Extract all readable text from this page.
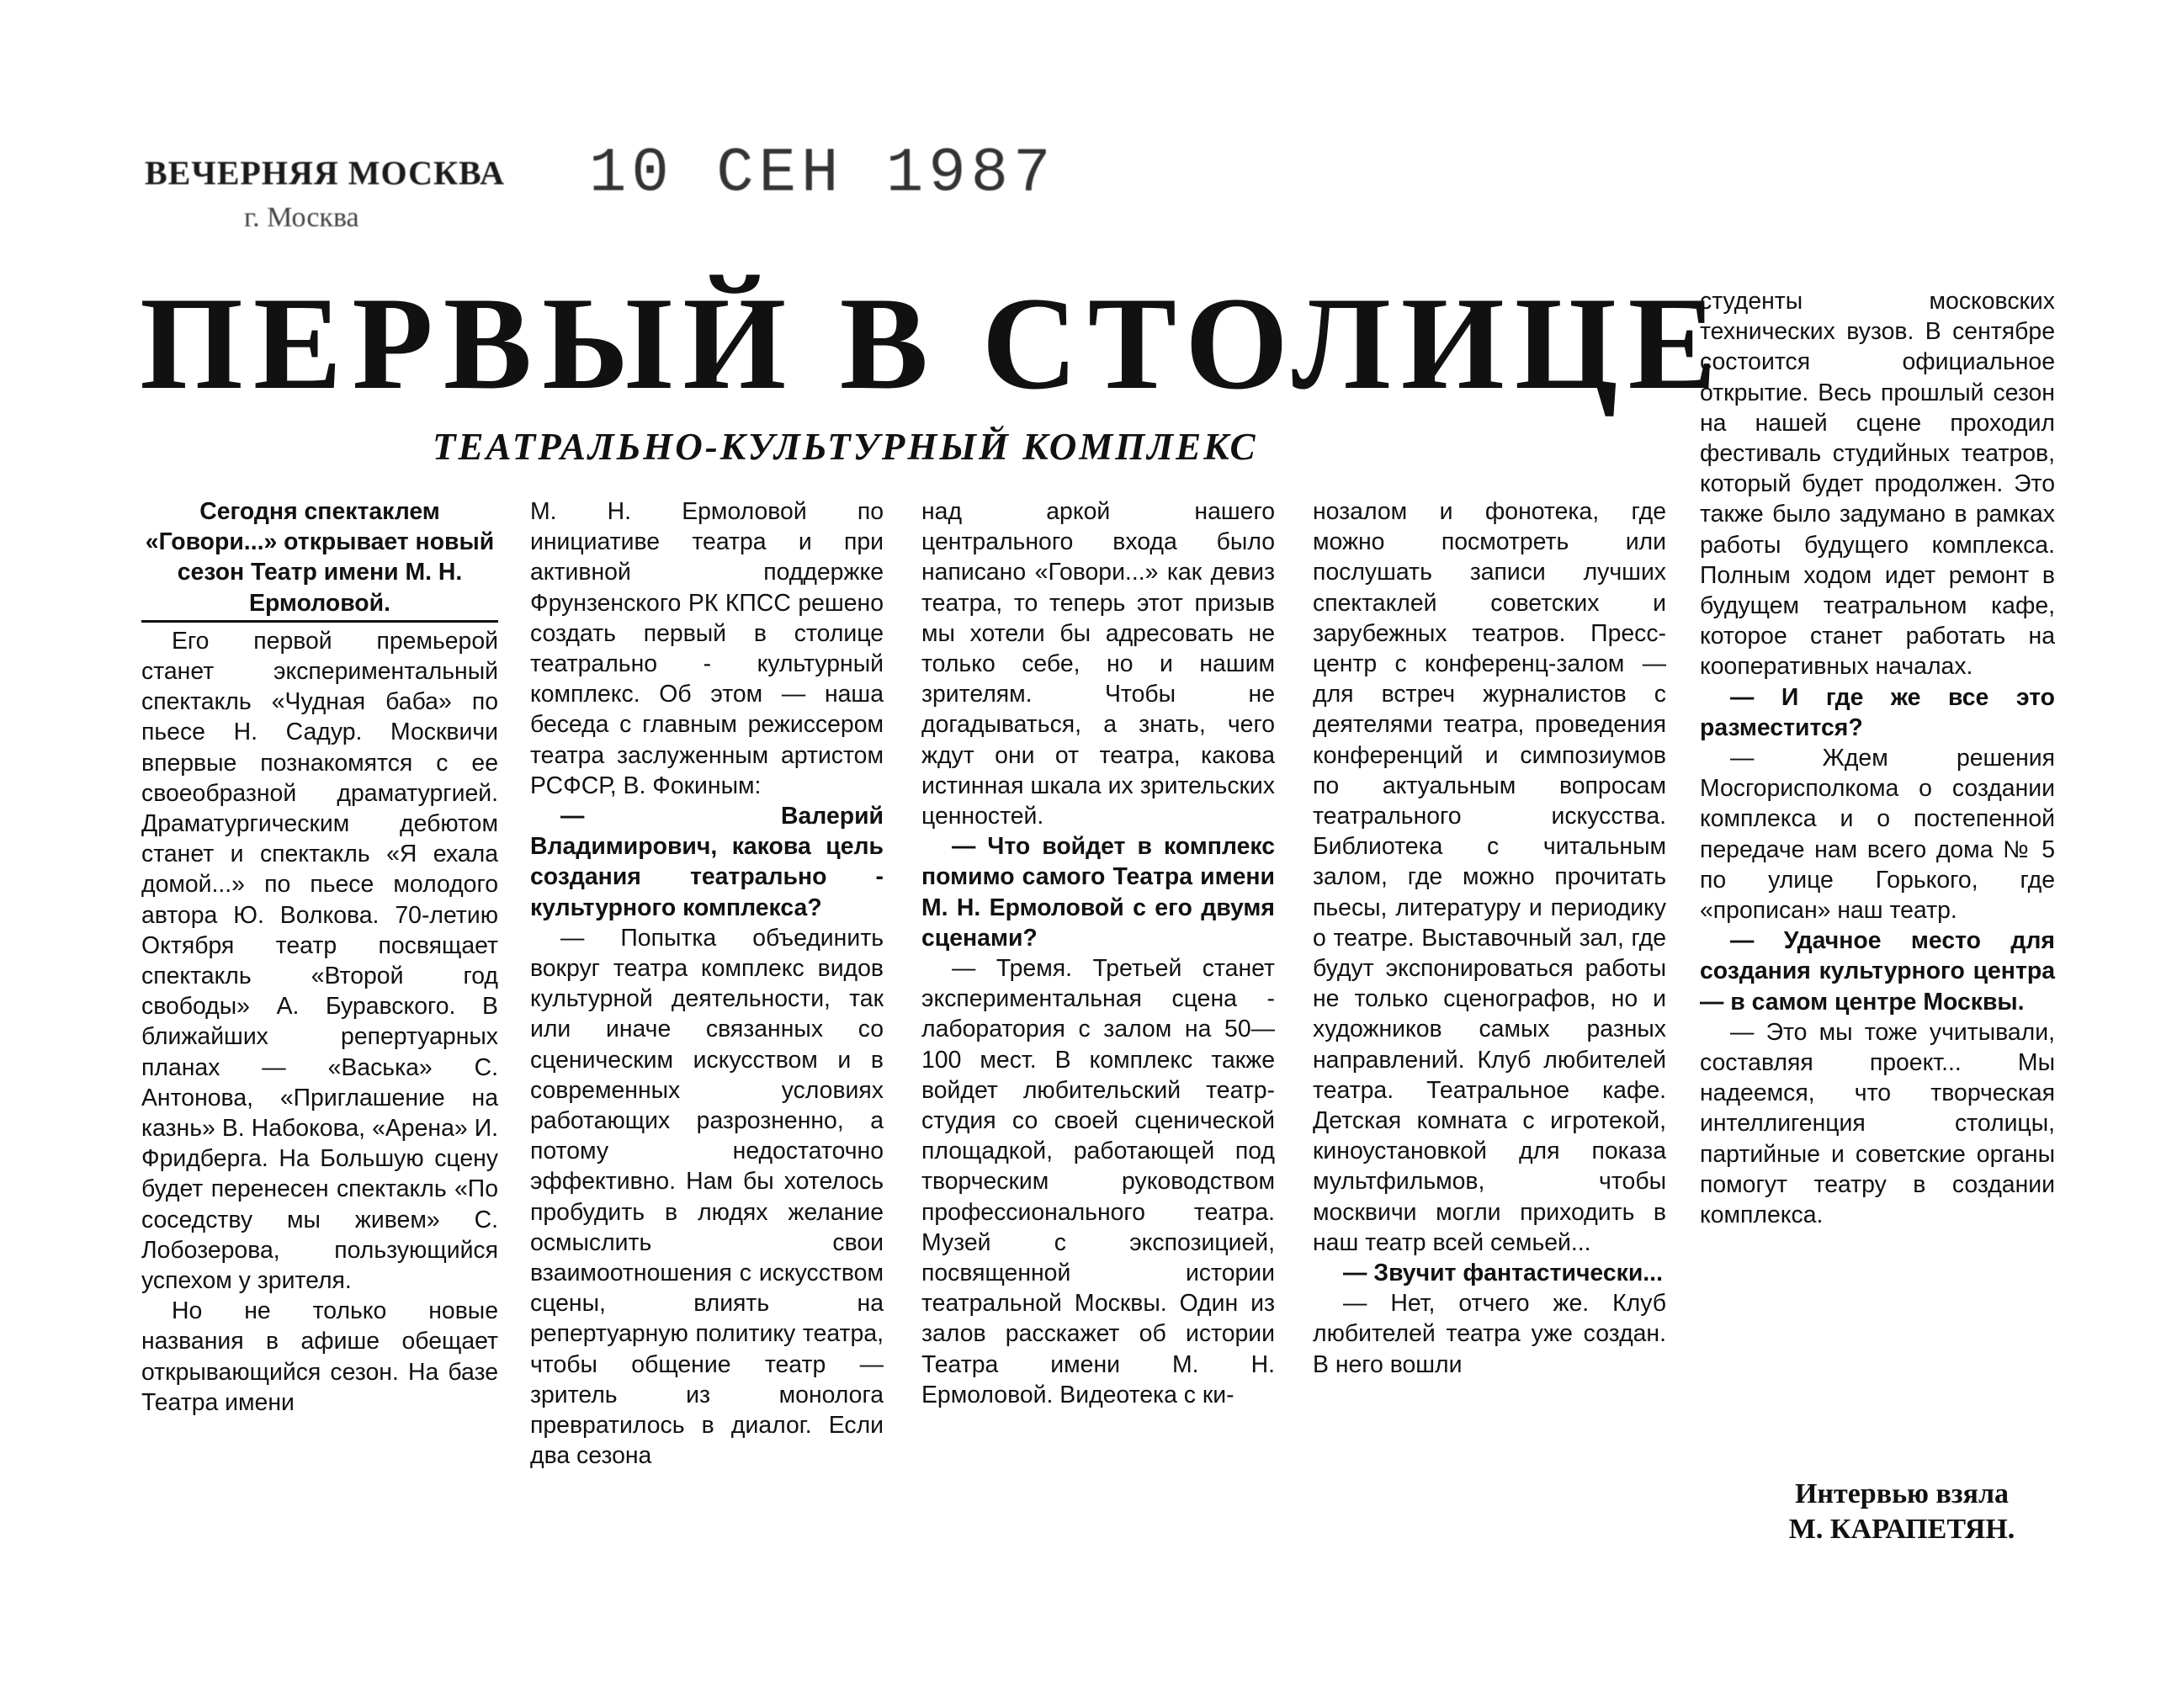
ВЕЧЕРНЯЯ МОСКВА
г. Москва
10 СЕН 1987
ПЕРВЫЙ В СТОЛИЦЕ
ТЕАТРАЛЬНО-КУЛЬТУРНЫЙ КОМПЛЕКС

Сегодня спектаклем «Говори...» открывает новый сезон Театр имени М. Н. Ермоловой.

Его первой премьерой станет экспериментальный спектакль «Чудная баба» по пьесе Н. Садур. Москвичи впервые познакомятся с ее своеобразной драматургией. Драматургическим дебютом станет и спектакль «Я ехала домой...» по пьесе молодого автора Ю. Волкова. 70-летию Октября театр посвящает спектакль «Второй год свободы» А. Буравского. В ближайших репертуарных планах — «Васька» С. Антонова, «Приглашение на казнь» В. Набокова, «Арена» И. Фридберга. На Большую сцену будет перенесен спектакль «По соседству мы живем» С. Лобозерова, пользующийся успехом у зрителя.

Но не только новые названия в афише обещает открывающийся сезон. На базе Театра имени

М. Н. Ермоловой по инициативе театра и при активной поддержке Фрунзенского РК КПСС решено создать первый в столице театрально - культурный комплекс. Об этом — наша беседа с главным режиссером театра заслуженным артистом РСФСР, В. Фокиным:

— Валерий Владимирович, какова цель создания театрально - культурного комплекса?

— Попытка объединить вокруг театра комплекс видов культурной деятельности, так или иначе связанных со сценическим искусством и в современных условиях работающих разрозненно, а потому недостаточно эффективно. Нам бы хотелось пробудить в людях желание осмыслить свои взаимоотношения с искусством сцены, влиять на репертуарную политику театра, чтобы общение театр — зритель из монолога превратилось в диалог. Если два сезона

над аркой нашего центрального входа было написано «Говори...» как девиз театра, то теперь этот призыв мы хотели бы адресовать не только себе, но и нашим зрителям. Чтобы не догадываться, а знать, чего ждут они от театра, какова истинная шкала их зрительских ценностей.

— Что войдет в комплекс помимо самого Театра имени М. Н. Ермоловой с его двумя сценами?

— Тремя. Третьей станет экспериментальная сцена - лаборатория с залом на 50—100 мест. В комплекс также войдет любительский театр-студия со своей сценической площадкой, работающей под творческим руководством профессионального театра. Музей с экспозицией, посвященной истории театральной Москвы. Один из залов расскажет об истории Театра имени М. Н. Ермоловой. Видеотека с ки-

нозалом и фонотека, где можно посмотреть или послушать записи лучших спектаклей советских и зарубежных театров. Пресс-центр с конференц-залом — для встреч журналистов с деятелями театра, проведения конференций и симпозиумов по актуальным вопросам театрального искусства. Библиотека с читальным залом, где можно прочитать пьесы, литературу и периодику о театре. Выставочный зал, где будут экспонироваться работы не только сценографов, но и художников самых разных направлений. Клуб любителей театра. Театральное кафе. Детская комната с игротекой, киноустановкой для показа мультфильмов, чтобы москвичи могли приходить в наш театр всей семьей...

— Звучит фантастически...

— Нет, отчего же. Клуб любителей театра уже создан. В него вошли

студенты московских технических вузов. В сентябре состоится официальное открытие. Весь прошлый сезон на нашей сцене проходил фестиваль студийных театров, который будет продолжен. Это также было задумано в рамках работы будущего комплекса. Полным ходом идет ремонт в будущем театральном кафе, которое станет работать на кооперативных началах.

— И где же все это разместится?

— Ждем решения Мосгорисполкома о создании комплекса и о постепенной передаче нам всего дома № 5 по улице Горького, где «прописан» наш театр.

— Удачное место для создания культурного центра — в самом центре Москвы.

— Это мы тоже учитывали, составляя проект... Мы надеемся, что творческая интеллигенция столицы, партийные и советские органы помогут театру в создании комплекса.

Интервью взяла
М. КАРАПЕТЯН.
